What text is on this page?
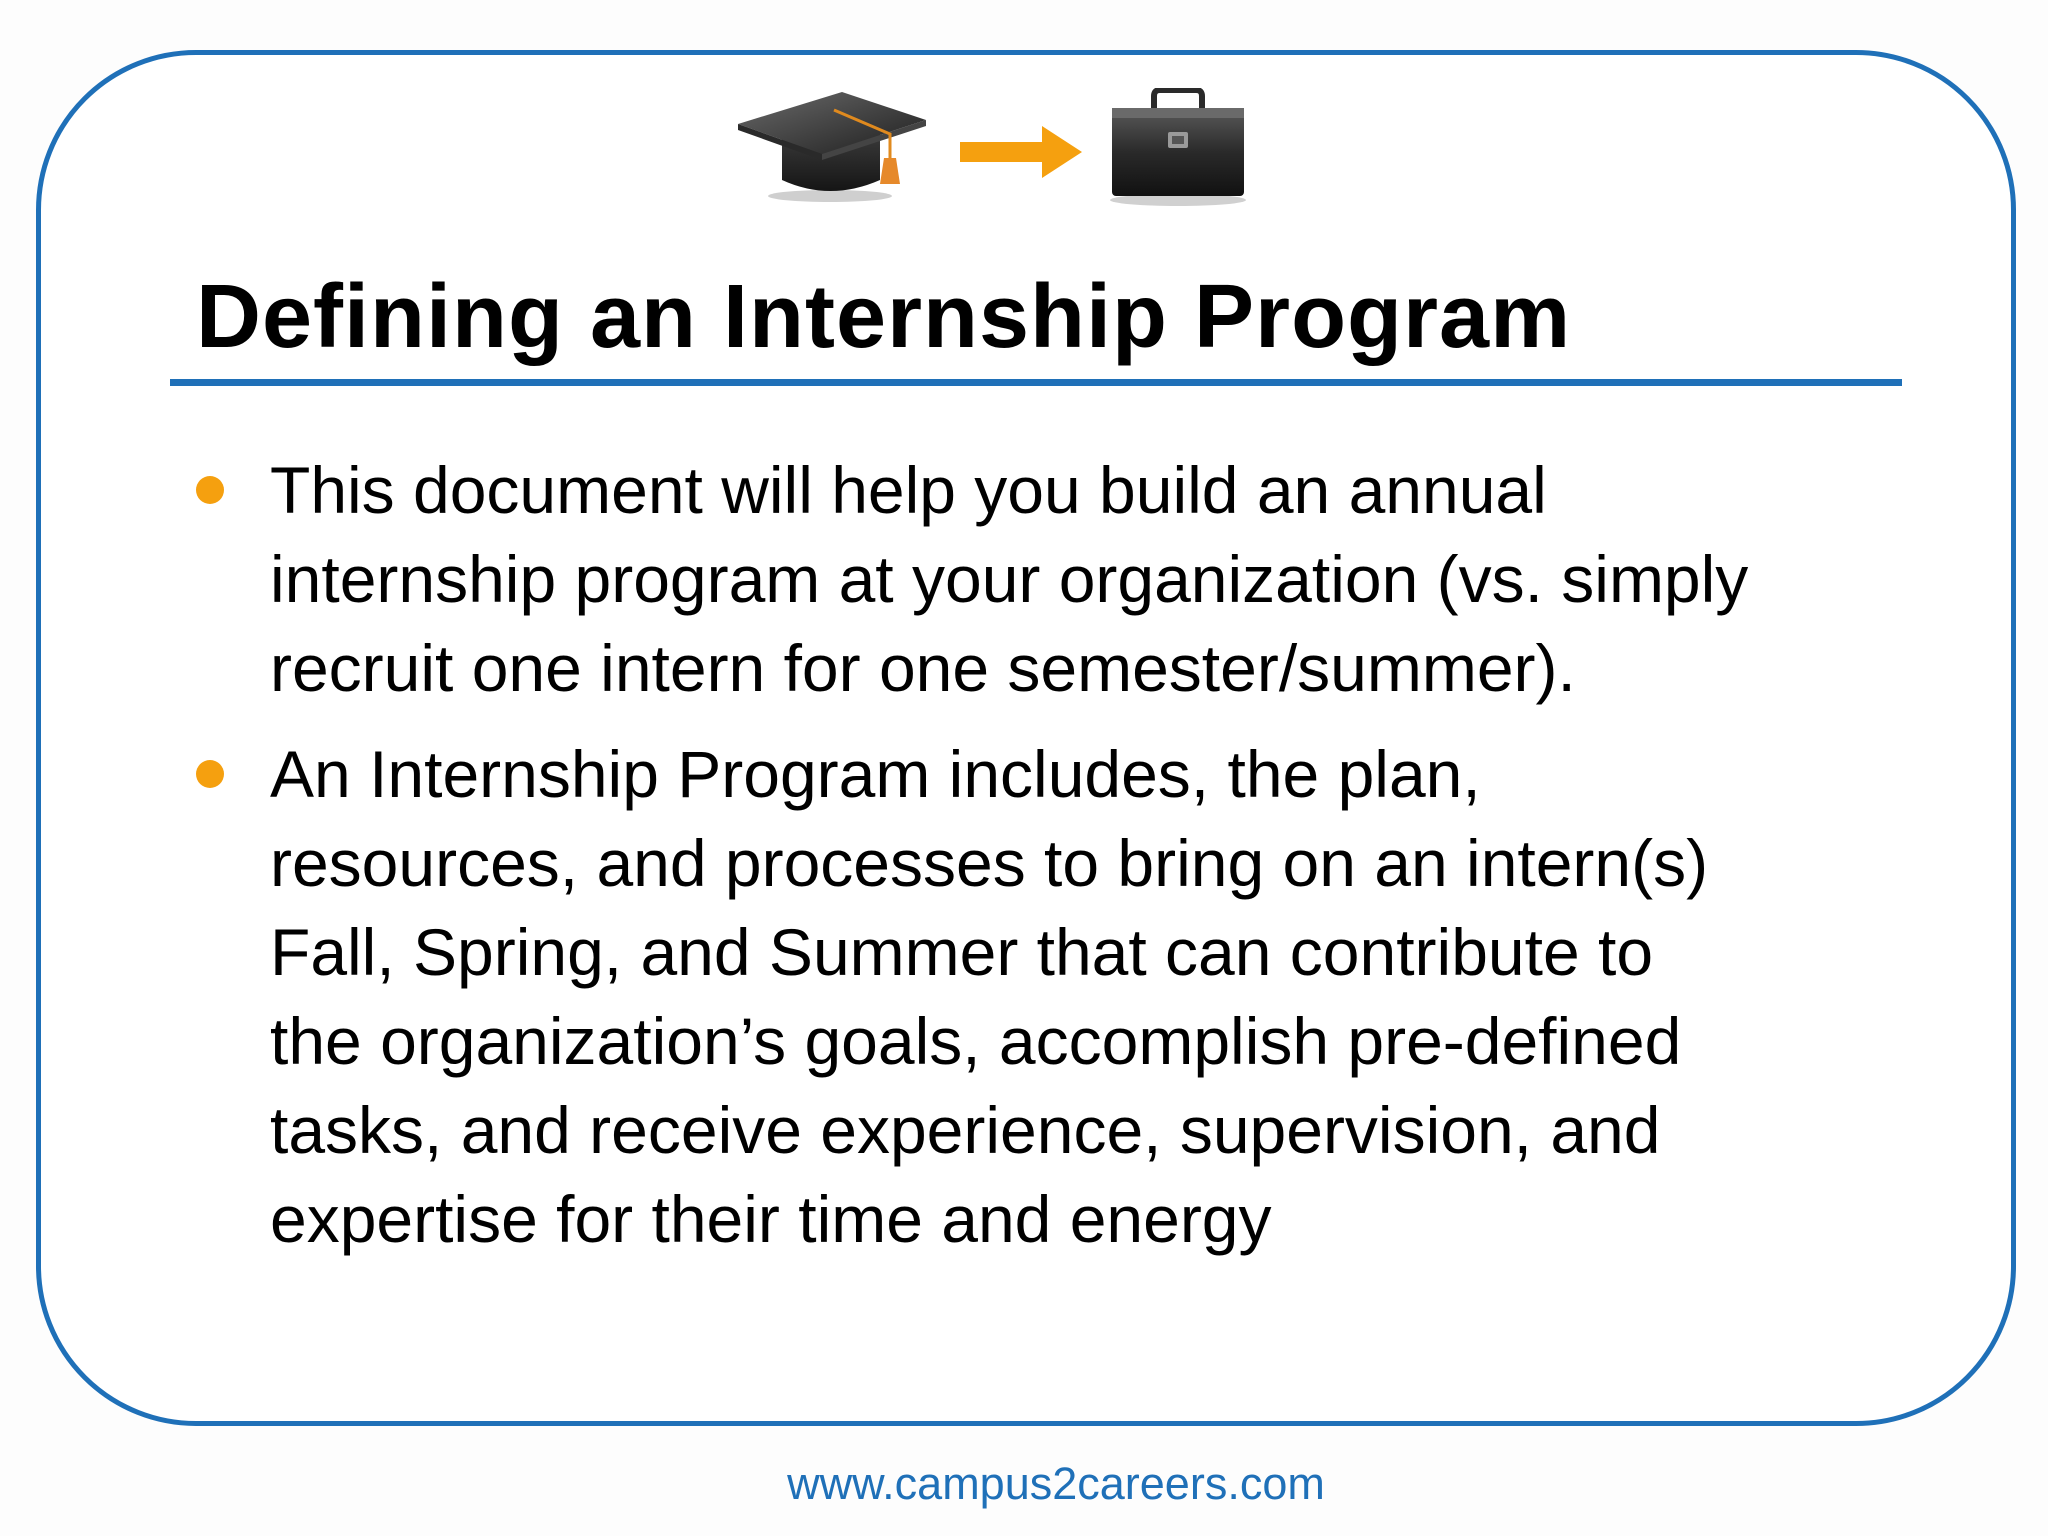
Defining an Internship Program
This document will help you build an annual
internship program at your organization (vs. simply
recruit one intern for one semester/summer).
An Internship Program includes, the plan,
resources, and processes to bring on an intern(s)
Fall, Spring, and Summer that can contribute to
the organization’s goals, accomplish pre-defined
tasks, and receive experience, supervision, and
expertise for their time and energy
www.campus2careers.com
